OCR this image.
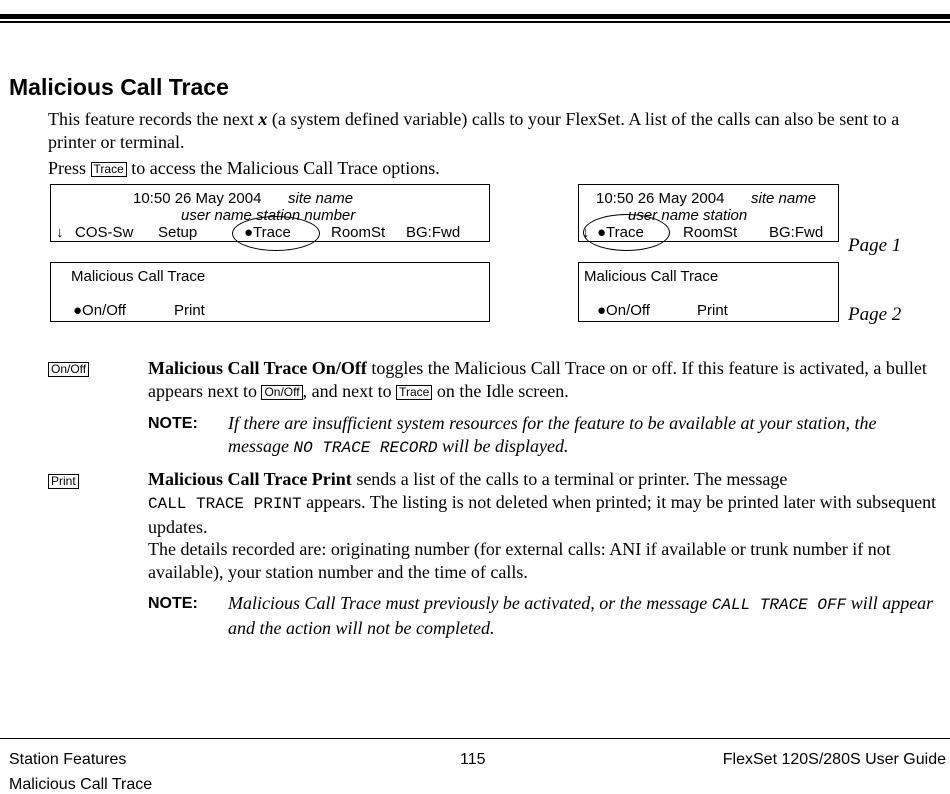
Malicious Call Trace
This feature records the next x (a system defined variable) calls to your FlexSet. A list of the calls can also be sent to a printer or terminal.
Press Trace to access the Malicious Call Trace options.
10:50 26 May 2004 site name
user name station number
↓ COS-Sw Setup	●Trace	RoomSt BG:Fwd
10:50 26 May 2004 site name
user name station
↓ ●Trace	RoomSt BG:Fwd
Malicious Call Trace
●On/Off	Print
Malicious Call Trace
●On/Off	Print
Page 1
Page 2
On/Off	Malicious Call Trace On/Off toggles the Malicious Call Trace on or off. If this feature is activated, a bullet appears next to On/Off , and next to Trace on the Idle screen.
NOTE: If there are insufficient system resources for the feature to be available at your station, the message NO TRACE RECORD will be displayed.
Print	Malicious Call Trace Print sends a list of the calls to a terminal or printer. The message
CALL TRACE PRINT appears. The listing is not deleted when printed; it may be printed later with subsequent updates.
The details recorded are: originating number (for external calls: ANI if available or trunk number if not available), your station number and the time of calls.
NOTE: Malicious Call Trace must previously be activated, or the message CALL TRACE OFF will appear and the action will not be completed.
Station Features
Malicious Call Trace
115	FlexSet 120S/280S User Guide
